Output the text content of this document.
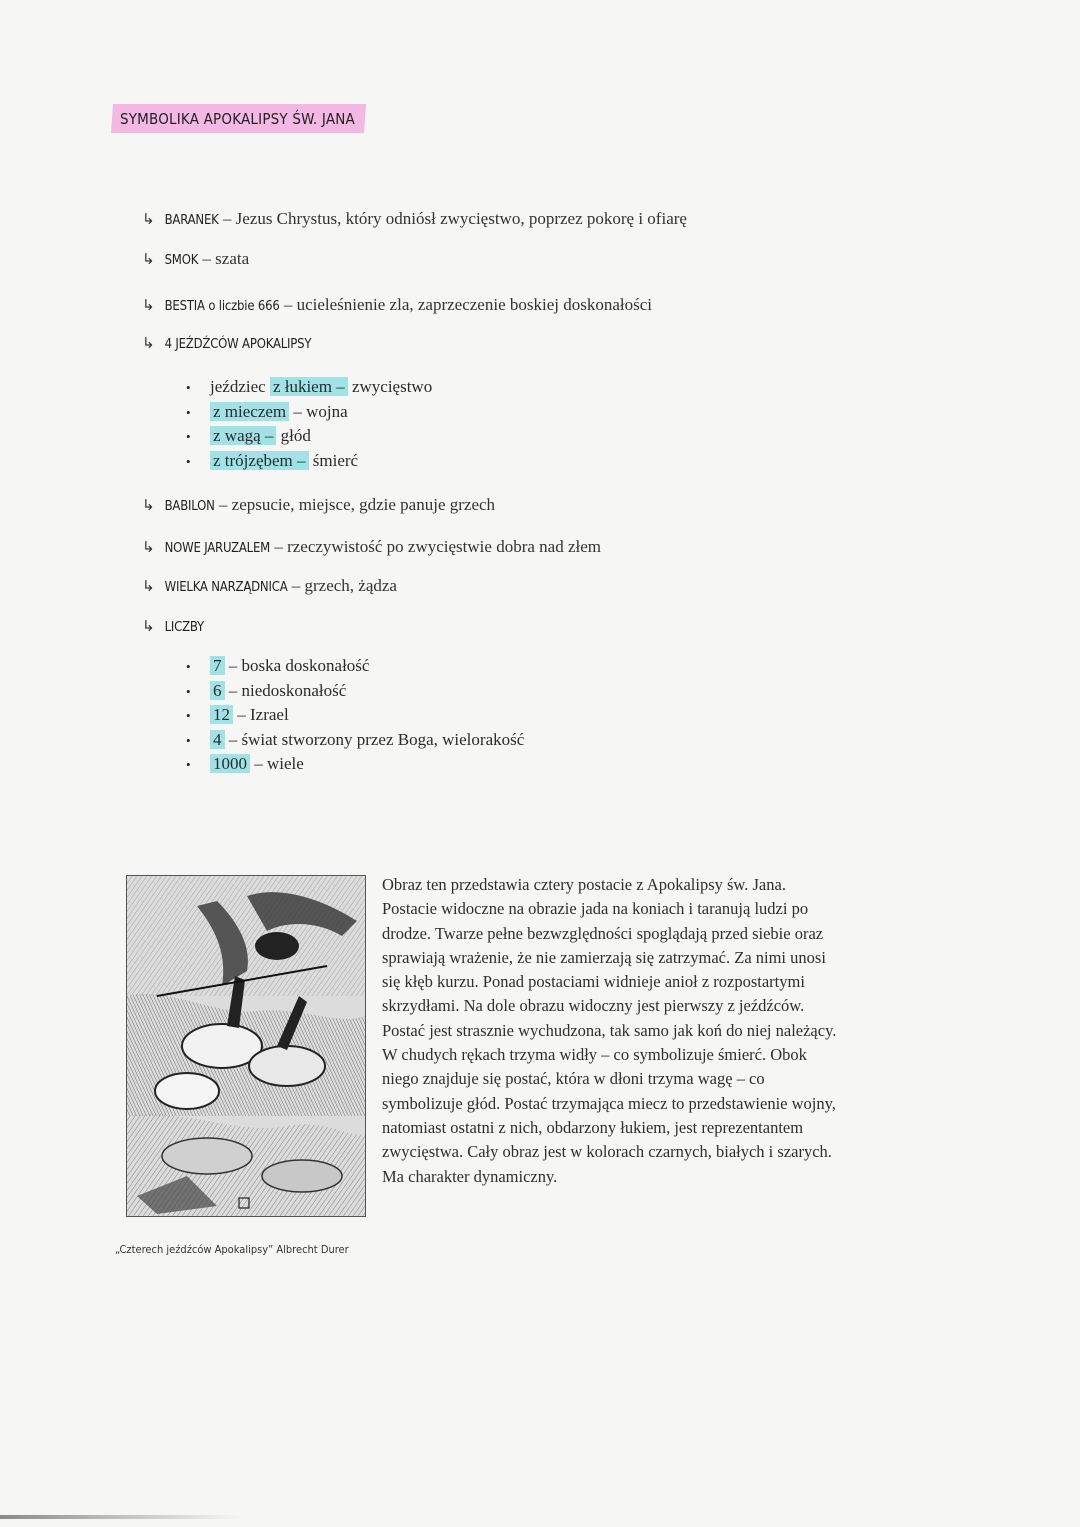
SYMBOLIKA APOKALIPSY ŚW. JANA
↳ BARANEK – Jezus Chrystus, który odniósł zwycięstwo, poprzez pokorę i ofiarę
↳ SMOK – szata
↳ BESTIA o liczbie 666 – ucieleśnienie zla, zaprzeczenie boskiej doskonałości
↳ 4 JEŹDŹCÓW APOKALIPSY
• jeździec z łukiem – zwycięstwo
• z mieczem – wojna
• z wagą – głód
• z trójzębem – śmierć
↳ BABILON – zepsucie, miejsce, gdzie panuje grzech
↳ NOWE JARUZALEM – rzeczywistość po zwycięstwie dobra nad złem
↳ WIELKA NARZĄDNICA – grzech, żądza
↳ LICZBY
• 7 – boska doskonałość
• 6 – niedoskonałość
• 12 – Izrael
• 4 – świat stworzony przez Boga, wielorakość
• 1000 – wiele
„Czterech jeźdźców Apokalipsy” Albrecht Durer
Obraz ten przedstawia cztery postacie z Apokalipsy św. Jana.
Postacie widoczne na obrazie jada na koniach i taranują ludzi po
drodze. Twarze pełne bezwzględności spoglądają przed siebie oraz
sprawiają wrażenie, że nie zamierzają się zatrzymać. Za nimi unosi
się kłęb kurzu. Ponad postaciami widnieje anioł z rozpostartymi
skrzydłami. Na dole obrazu widoczny jest pierwszy z jeźdźców.
Postać jest strasznie wychudzona, tak samo jak koń do niej należący.
W chudych rękach trzyma widły – co symbolizuje śmierć. Obok
niego znajduje się postać, która w dłoni trzyma wagę – co
symbolizuje głód. Postać trzymająca miecz to przedstawienie wojny,
natomiast ostatni z nich, obdarzony łukiem, jest reprezentantem
zwycięstwa. Cały obraz jest w kolorach czarnych, białych i szarych.
Ma charakter dynamiczny.
